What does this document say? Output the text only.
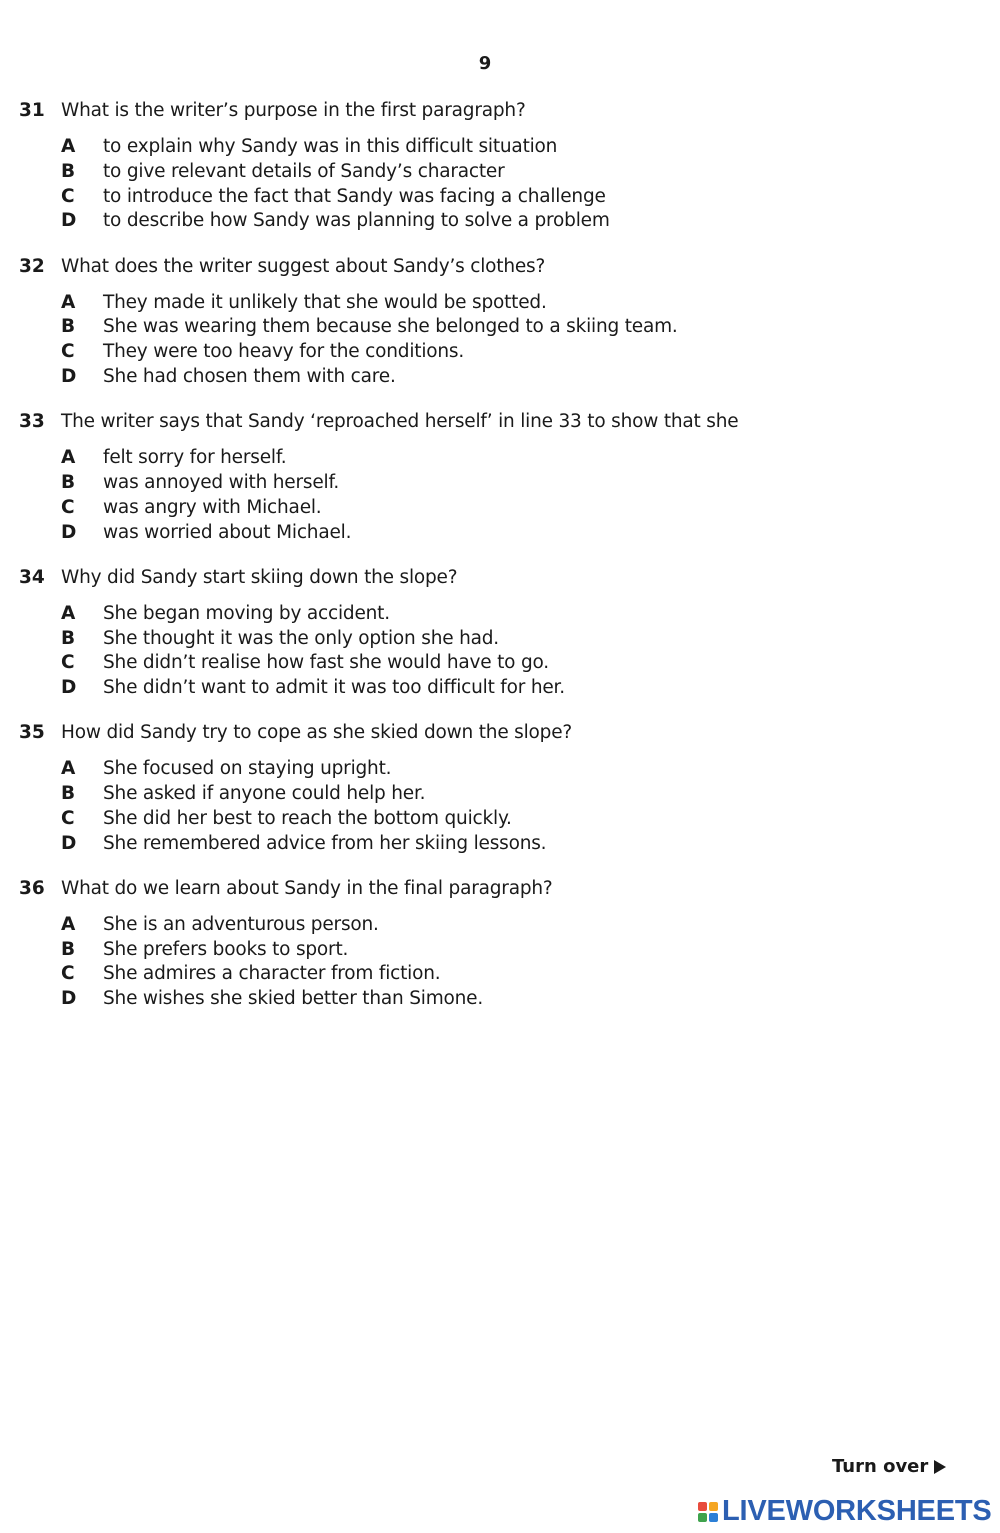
9
31 What is the writer’s purpose in the first paragraph?
A	to explain why Sandy was in this difficult situation
B	to give relevant details of Sandy’s character
C	to introduce the fact that Sandy was facing a challenge
D	to describe how Sandy was planning to solve a problem
32 What does the writer suggest about Sandy’s clothes?
A	They made it unlikely that she would be spotted.
B	She was wearing them because she belonged to a skiing team.
C	They were too heavy for the conditions.
D	She had chosen them with care.
33 The writer says that Sandy ‘reproached herself’ in line 33 to show that she
A	felt sorry for herself.
B	was annoyed with herself.
C	was angry with Michael.
D	was worried about Michael.
34 Why did Sandy start skiing down the slope?
A	She began moving by accident.
B	She thought it was the only option she had.
C	She didn’t realise how fast she would have to go.
D	She didn’t want to admit it was too difficult for her.
35 How did Sandy try to cope as she skied down the slope?
A	She focused on staying upright.
B	She asked if anyone could help her.
C	She did her best to reach the bottom quickly.
D	She remembered advice from her skiing lessons.
36 What do we learn about Sandy in the final paragraph?
A	She is an adventurous person.
B	She prefers books to sport.
C	She admires a character from fiction.
D	She wishes she skied better than Simone.
Turn over
LIVEWORKSHEETS
